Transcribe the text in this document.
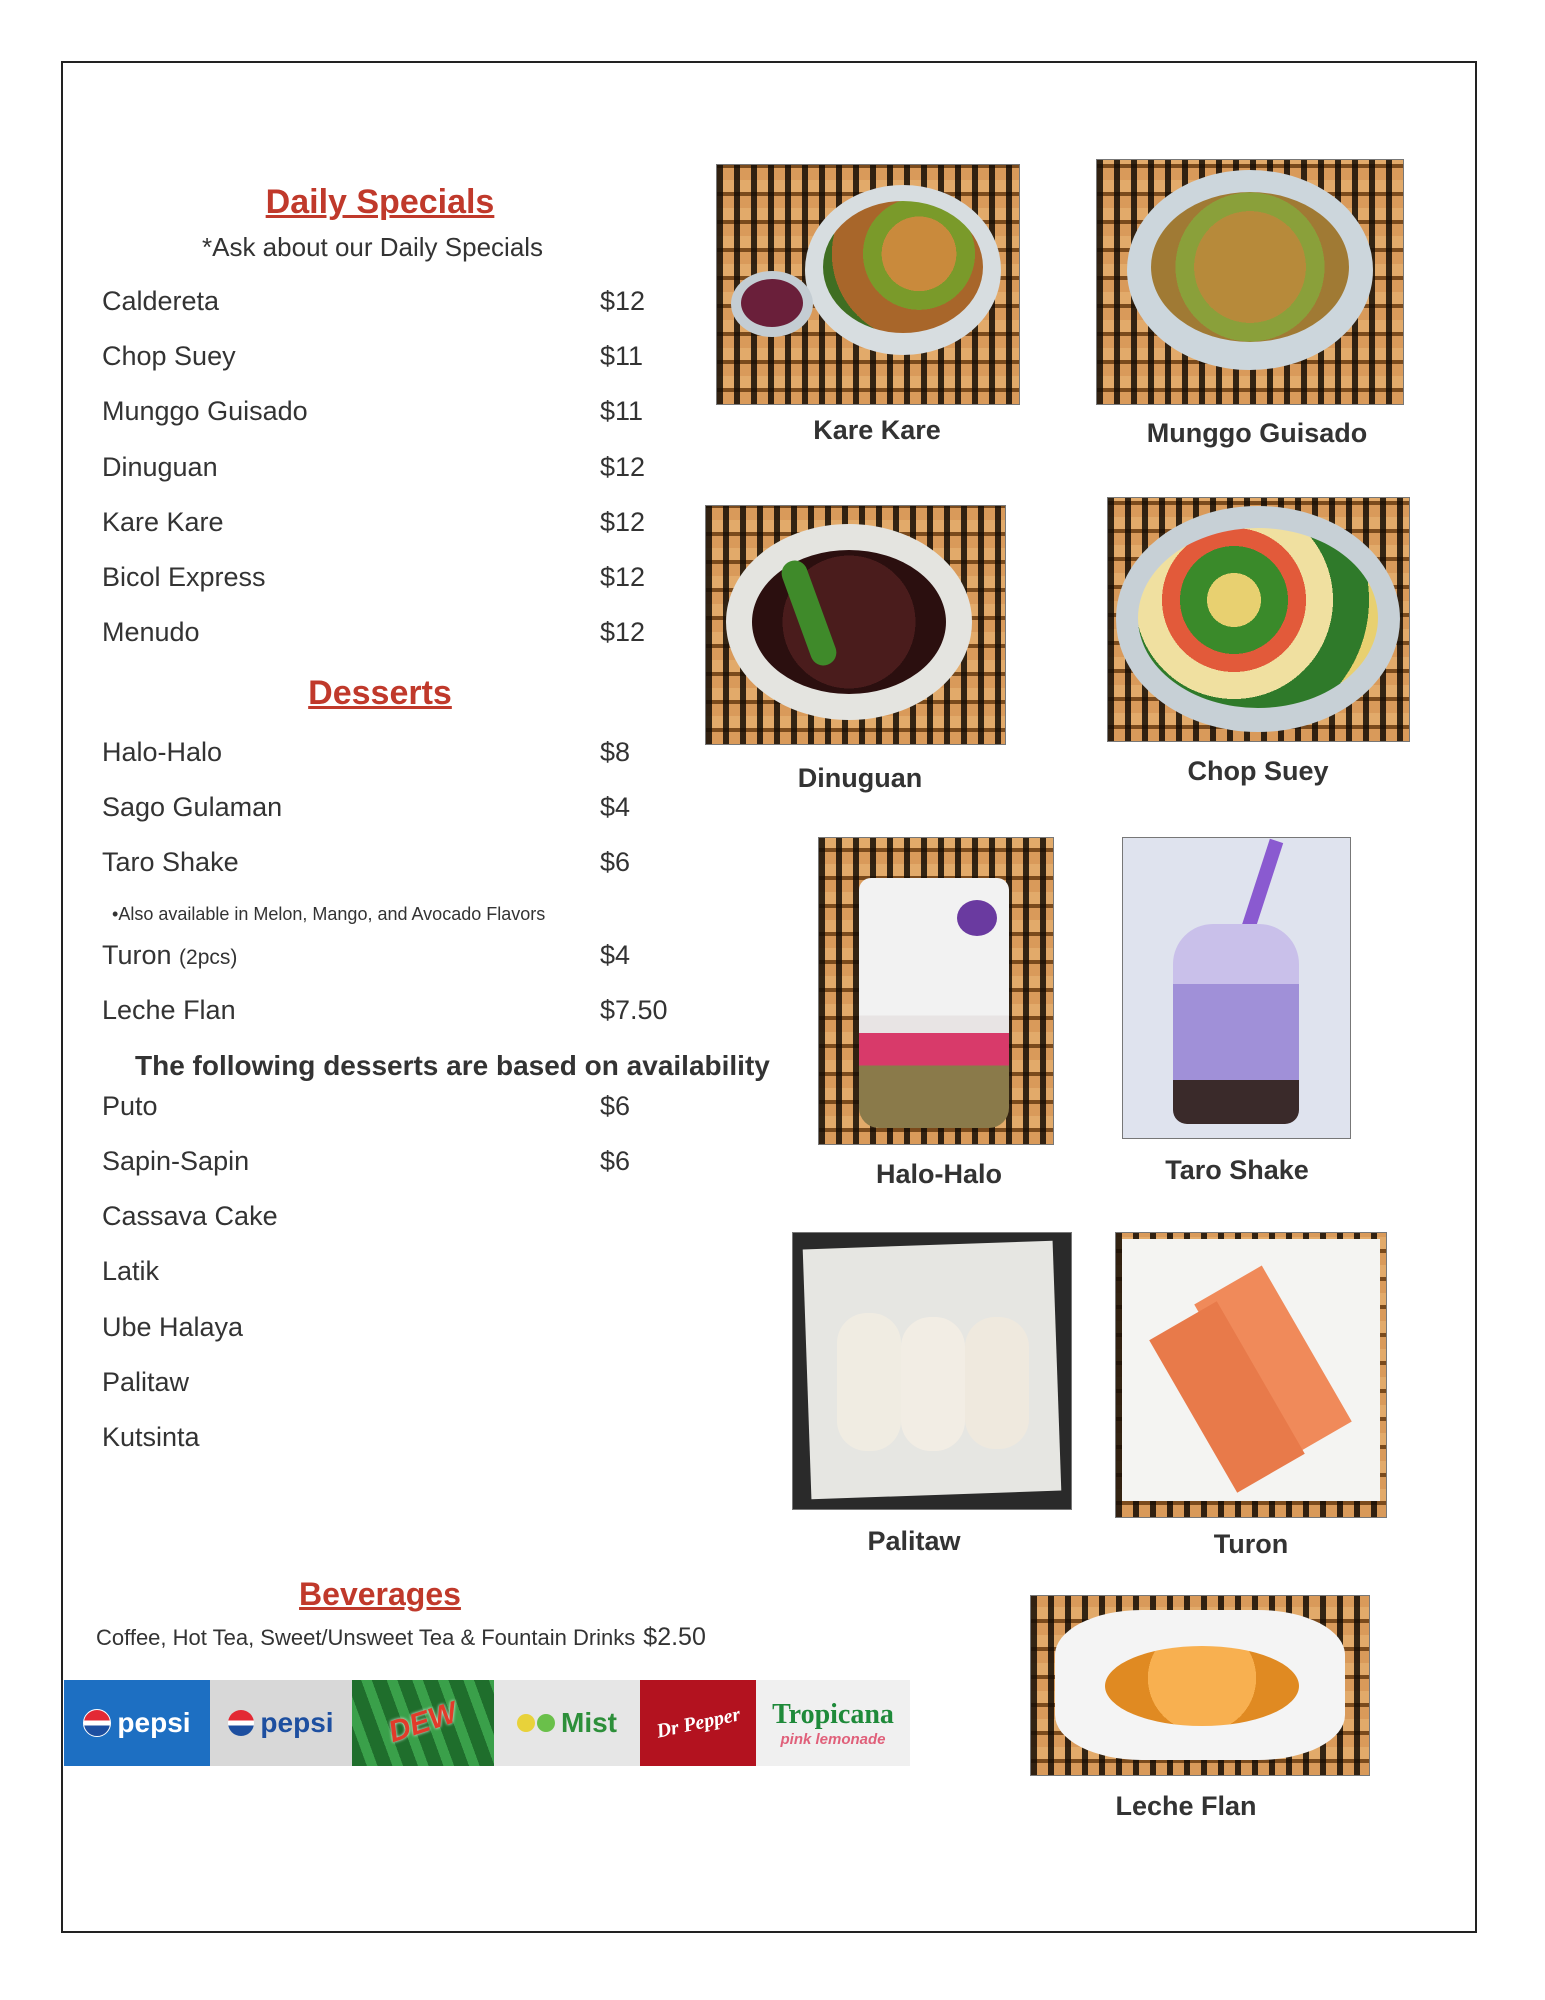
Daily Specials
*Ask about our Daily Specials
Caldereta	$12
Chop Suey	$11
Munggo Guisado	$11
Dinuguan	$12
Kare Kare	$12
Bicol Express	$12
Menudo	$12
Desserts
Halo-Halo	$8
Sago Gulaman	$4
Taro Shake	$6
•Also available in Melon, Mango, and Avocado Flavors
Turon (2pcs)	$4
Leche Flan	$7.50
The following desserts are based on availability
Puto	$6
Sapin-Sapin	$6
Cassava Cake
Latik
Ube Halaya
Palitaw
Kutsinta
Beverages
Coffee, Hot Tea, Sweet/Unsweet Tea & Fountain Drinks $2.50
pepsi pepsi DEW	Mist Dr Pepper Tropicana
pink lemonade
Kare Kare	Munggo Guisado
Dinuguan	Chop Suey
Halo-Halo	Taro Shake
Palitaw	Turon
Leche Flan
